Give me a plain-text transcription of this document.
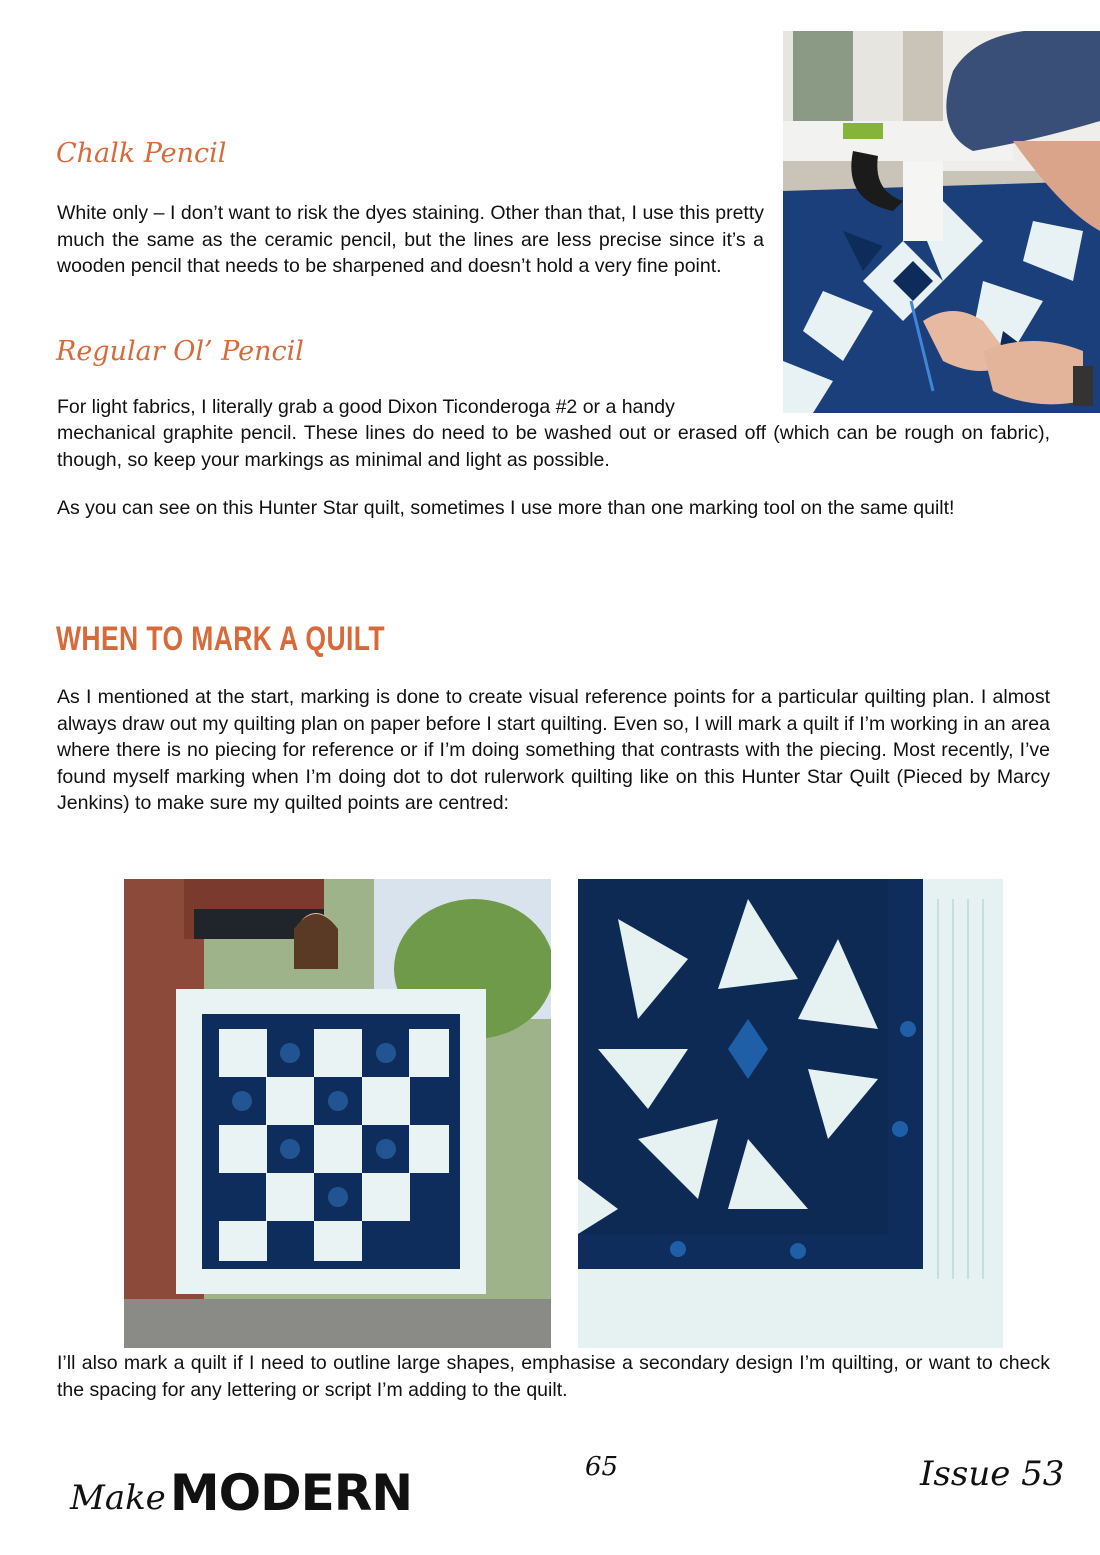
Chalk Pencil

White only – I don’t want to risk the dyes staining. Other than that, I use this pretty much the same as the ceramic pencil, but the lines are less precise since it’s a wooden pencil that needs to be sharpened and doesn’t hold a very fine point.

Regular Ol’ Pencil

For light fabrics, I literally grab a good Dixon Ticonderoga #2 or a handy

mechanical graphite pencil. These lines do need to be washed out or erased off (which can be rough on fabric), though, so keep your markings as minimal and light as possible.

As you can see on this Hunter Star quilt, sometimes I use more than one marking tool on the same quilt!

WHEN TO MARK A QUILT

As I mentioned at the start, marking is done to create visual reference points for a particular quilting plan. I almost always draw out my quilting plan on paper before I start quilting. Even so, I will mark a quilt if I’m working in an area where there is no piecing for reference or if I’m doing something that contrasts with the piecing. Most recently, I’ve found myself marking when I’m doing dot to dot rulerwork quilting like on this Hunter Star Quilt (Pieced by Marcy Jenkins) to make sure my quilted points are centred:

I’ll also mark a quilt if I need to outline large shapes, emphasise a secondary design I’m quilting, or want to check the spacing for any lettering or script I’m adding to the quilt.

Make MODERN	65	Issue 53
